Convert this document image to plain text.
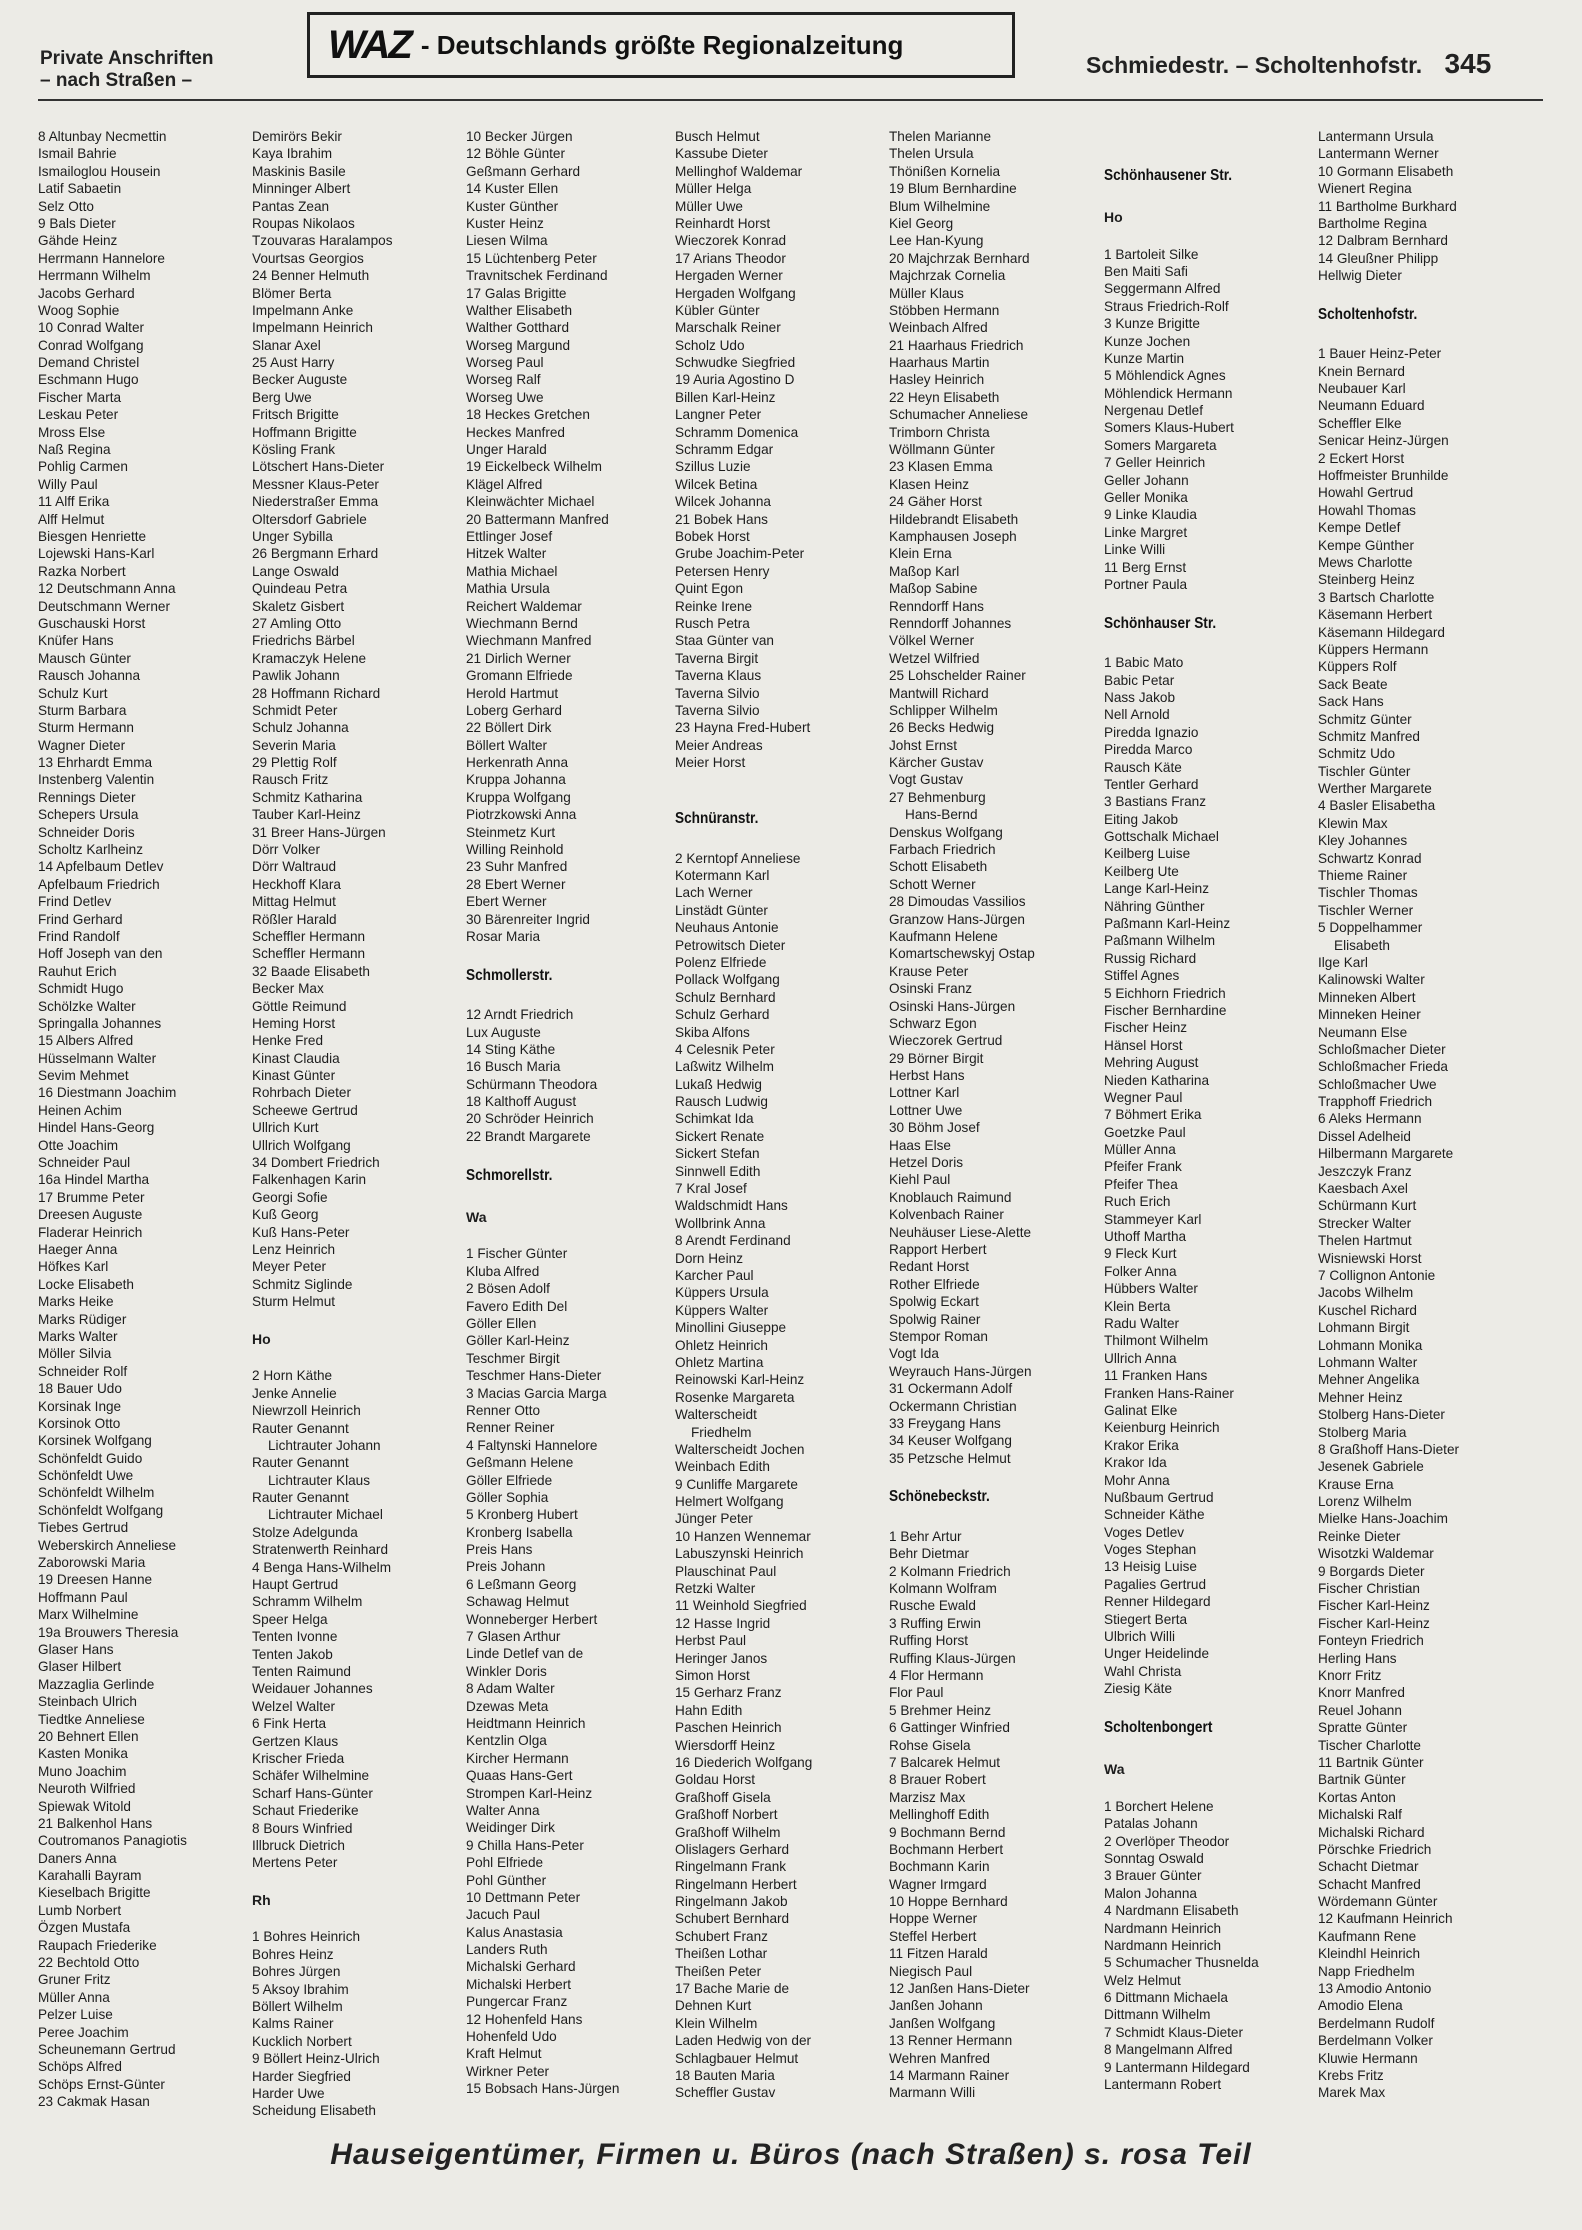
Private Anschriften
– nach Straßen –
WAZ - Deutschlands größte Regionalzeitung
Schmiedestr. – Scholtenhofstr. 345
8 Altunbay Necmettin
Ismail Bahrie
Ismailoglou Housein
Latif Sabaetin
Selz Otto
9 Bals Dieter
Gähde Heinz
Herrmann Hannelore
Herrmann Wilhelm
Jacobs Gerhard
Woog Sophie
10 Conrad Walter
Conrad Wolfgang
Demand Christel
Eschmann Hugo
Fischer Marta
Leskau Peter
Mross Else
Naß Regina
Pohlig Carmen
Willy Paul
11 Alff Erika
Alff Helmut
Biesgen Henriette
Lojewski Hans-Karl
Razka Norbert
12 Deutschmann Anna
Deutschmann Werner
Guschauski Horst
Knüfer Hans
Mausch Günter
Rausch Johanna
Schulz Kurt
Sturm Barbara
Sturm Hermann
Wagner Dieter
13 Ehrhardt Emma
Instenberg Valentin
Rennings Dieter
Schepers Ursula
Schneider Doris
Scholtz Karlheinz
14 Apfelbaum Detlev
Apfelbaum Friedrich
Frind Detlev
Frind Gerhard
Frind Randolf
Hoff Joseph van den
Rauhut Erich
Schmidt Hugo
Schölzke Walter
Springalla Johannes
15 Albers Alfred
Hüsselmann Walter
Sevim Mehmet
16 Diestmann Joachim
Heinen Achim
Hindel Hans-Georg
Otte Joachim
Schneider Paul
16a Hindel Martha
17 Brumme Peter
Dreesen Auguste
Fladerar Heinrich
Haeger Anna
Höfkes Karl
Locke Elisabeth
Marks Heike
Marks Rüdiger
Marks Walter
Möller Silvia
Schneider Rolf
18 Bauer Udo
Korsinak Inge
Korsinok Otto
Korsinek Wolfgang
Schönfeldt Guido
Schönfeldt Uwe
Schönfeldt Wilhelm
Schönfeldt Wolfgang
Tiebes Gertrud
Weberskirch Anneliese
Zaborowski Maria
19 Dreesen Hanne
Hoffmann Paul
Marx Wilhelmine
19a Brouwers Theresia
Glaser Hans
Glaser Hilbert
Mazzaglia Gerlinde
Steinbach Ulrich
Tiedtke Anneliese
20 Behnert Ellen
Kasten Monika
Muno Joachim
Neuroth Wilfried
Spiewak Witold
21 Balkenhol Hans
Coutromanos Panagiotis
Daners Anna
Karahalli Bayram
Kieselbach Brigitte
Lumb Norbert
Özgen Mustafa
Raupach Friederike
22 Bechtold Otto
Gruner Fritz
Müller Anna
Pelzer Luise
Peree Joachim
Scheunemann Gertrud
Schöps Alfred
Schöps Ernst-Günter
23 Cakmak Hasan
Demirörs Bekir
Kaya Ibrahim
Maskinis Basile
Minninger Albert
Pantas Zean
Roupas Nikolaos
Tzouvaras Haralampos
Vourtsas Georgios
24 Benner Helmuth
Blömer Berta
Impelmann Anke
Impelmann Heinrich
Slanar Axel
25 Aust Harry
Becker Auguste
Berg Uwe
Fritsch Brigitte
Hoffmann Brigitte
Kösling Frank
Lötschert Hans-Dieter
Messner Klaus-Peter
Niederstraßer Emma
Oltersdorf Gabriele
Unger Sybilla
26 Bergmann Erhard
Lange Oswald
Quindeau Petra
Skaletz Gisbert
27 Amling Otto
Friedrichs Bärbel
Kramaczyk Helene
Pawlik Johann
28 Hoffmann Richard
Schmidt Peter
Schulz Johanna
Severin Maria
29 Plettig Rolf
Rausch Fritz
Schmitz Katharina
Tauber Karl-Heinz
31 Breer Hans-Jürgen
Dörr Volker
Dörr Waltraud
Heckhoff Klara
Mittag Helmut
Rößler Harald
Scheffler Hermann
Scheffler Hermann
32 Baade Elisabeth
Becker Max
Göttle Reimund
Heming Horst
Henke Fred
Kinast Claudia
Kinast Günter
Rohrbach Dieter
Scheewe Gertrud
Ullrich Kurt
Ullrich Wolfgang
34 Dombert Friedrich
Falkenhagen Karin
Georgi Sofie
Kuß Georg
Kuß Hans-Peter
Lenz Heinrich
Meyer Peter
Schmitz Siglinde
Sturm Helmut
Ho
2 Horn Käthe
Jenke Annelie
Niewrzoll Heinrich
Rauter Genannt
Lichtrauter Johann
Rauter Genannt
Lichtrauter Klaus
Rauter Genannt
Lichtrauter Michael
Stolze Adelgunda
Stratenwerth Reinhard
4 Benga Hans-Wilhelm
Haupt Gertrud
Schramm Wilhelm
Speer Helga
Tenten Ivonne
Tenten Jakob
Tenten Raimund
Weidauer Johannes
Welzel Walter
6 Fink Herta
Gertzen Klaus
Krischer Frieda
Schäfer Wilhelmine
Scharf Hans-Günter
Schaut Friederike
8 Bours Winfried
Illbruck Dietrich
Mertens Peter
Rh
1 Bohres Heinrich
Bohres Heinz
Bohres Jürgen
5 Aksoy Ibrahim
Böllert Wilhelm
Kalms Rainer
Kucklich Norbert
9 Böllert Heinz-Ulrich
Harder Siegfried
Harder Uwe
Scheidung Elisabeth
10 Becker Jürgen
12 Böhle Günter
Geßmann Gerhard
14 Kuster Ellen
Kuster Günther
Kuster Heinz
Liesen Wilma
15 Lüchtenberg Peter
Travnitschek Ferdinand
17 Galas Brigitte
Walther Elisabeth
Walther Gotthard
Worseg Margund
Worseg Paul
Worseg Ralf
Worseg Uwe
18 Heckes Gretchen
Heckes Manfred
Unger Harald
19 Eickelbeck Wilhelm
Klägel Alfred
Kleinwächter Michael
20 Battermann Manfred
Ettlinger Josef
Hitzek Walter
Mathia Michael
Mathia Ursula
Reichert Waldemar
Wiechmann Bernd
Wiechmann Manfred
21 Dirlich Werner
Gromann Elfriede
Herold Hartmut
Loberg Gerhard
22 Böllert Dirk
Böllert Walter
Herkenrath Anna
Kruppa Johanna
Kruppa Wolfgang
Piotrzkowski Anna
Steinmetz Kurt
Willing Reinhold
23 Suhr Manfred
28 Ebert Werner
Ebert Werner
30 Bärenreiter Ingrid
Rosar Maria
Schmollerstr.
12 Arndt Friedrich
Lux Auguste
14 Sting Käthe
16 Busch Maria
Schürmann Theodora
18 Kalthoff August
20 Schröder Heinrich
22 Brandt Margarete
Schmorellstr.
Wa
1 Fischer Günter
Kluba Alfred
2 Bösen Adolf
Favero Edith Del
Göller Ellen
Göller Karl-Heinz
Teschmer Birgit
Teschmer Hans-Dieter
3 Macias Garcia Marga
Renner Otto
Renner Reiner
4 Faltynski Hannelore
Geßmann Helene
Göller Elfriede
Göller Sophia
5 Kronberg Hubert
Kronberg Isabella
Preis Hans
Preis Johann
6 Leßmann Georg
Schawag Helmut
Wonneberger Herbert
7 Glasen Arthur
Linde Detlef van de
Winkler Doris
8 Adam Walter
Dzewas Meta
Heidtmann Heinrich
Kentzlin Olga
Kircher Hermann
Quaas Hans-Gert
Strompen Karl-Heinz
Walter Anna
Weidinger Dirk
9 Chilla Hans-Peter
Pohl Elfriede
Pohl Günther
10 Dettmann Peter
Jacuch Paul
Kalus Anastasia
Landers Ruth
Michalski Gerhard
Michalski Herbert
Pungercar Franz
12 Hohenfeld Hans
Hohenfeld Udo
Kraft Helmut
Wirkner Peter
15 Bobsach Hans-Jürgen
Busch Helmut
Kassube Dieter
Mellinghof Waldemar
Müller Helga
Müller Uwe
Reinhardt Horst
Wieczorek Konrad
17 Arians Theodor
Hergaden Werner
Hergaden Wolfgang
Kübler Günter
Marschalk Reiner
Scholz Udo
Schwudke Siegfried
19 Auria Agostino D
Billen Karl-Heinz
Langner Peter
Schramm Domenica
Schramm Edgar
Szillus Luzie
Wilcek Betina
Wilcek Johanna
21 Bobek Hans
Bobek Horst
Grube Joachim-Peter
Petersen Henry
Quint Egon
Reinke Irene
Rusch Petra
Staa Günter van
Taverna Birgit
Taverna Klaus
Taverna Silvio
Taverna Silvio
23 Hayna Fred-Hubert
Meier Andreas
Meier Horst
Schnüranstr.
2 Kerntopf Anneliese
Kotermann Karl
Lach Werner
Linstädt Günter
Neuhaus Antonie
Petrowitsch Dieter
Polenz Elfriede
Pollack Wolfgang
Schulz Bernhard
Schulz Gerhard
Skiba Alfons
4 Celesnik Peter
Laßwitz Wilhelm
Lukaß Hedwig
Rausch Ludwig
Schimkat Ida
Sickert Renate
Sickert Stefan
Sinnwell Edith
7 Kral Josef
Waldschmidt Hans
Wollbrink Anna
8 Arendt Ferdinand
Dorn Heinz
Karcher Paul
Küppers Ursula
Küppers Walter
Minollini Giuseppe
Ohletz Heinrich
Ohletz Martina
Reinowski Karl-Heinz
Rosenke Margareta
Walterscheidt
Friedhelm
Walterscheidt Jochen
Weinbach Edith
9 Cunliffe Margarete
Helmert Wolfgang
Jünger Peter
10 Hanzen Wennemar
Labuszynski Heinrich
Plauschinat Paul
Retzki Walter
11 Weinhold Siegfried
12 Hasse Ingrid
Herbst Paul
Heringer Janos
Simon Horst
15 Gerharz Franz
Hahn Edith
Paschen Heinrich
Wiersdorff Heinz
16 Diederich Wolfgang
Goldau Horst
Graßhoff Gisela
Graßhoff Norbert
Graßhoff Wilhelm
Olislagers Gerhard
Ringelmann Frank
Ringelmann Herbert
Ringelmann Jakob
Schubert Bernhard
Schubert Franz
Theißen Lothar
Theißen Peter
17 Bache Marie de
Dehnen Kurt
Klein Wilhelm
Laden Hedwig von der
Schlagbauer Helmut
18 Bauten Maria
Scheffler Gustav
Thelen Marianne
Thelen Ursula
Thönißen Kornelia
19 Blum Bernhardine
Blum Wilhelmine
Kiel Georg
Lee Han-Kyung
20 Majchrzak Bernhard
Majchrzak Cornelia
Müller Klaus
Stöbben Hermann
Weinbach Alfred
21 Haarhaus Friedrich
Haarhaus Martin
Hasley Heinrich
22 Heyn Elisabeth
Schumacher Anneliese
Trimborn Christa
Wöllmann Günter
23 Klasen Emma
Klasen Heinz
24 Gäher Horst
Hildebrandt Elisabeth
Kamphausen Joseph
Klein Erna
Maßop Karl
Maßop Sabine
Renndorff Hans
Renndorff Johannes
Völkel Werner
Wetzel Wilfried
25 Lohschelder Rainer
Mantwill Richard
Schlipper Wilhelm
26 Becks Hedwig
Johst Ernst
Kärcher Gustav
Vogt Gustav
27 Behmenburg
Hans-Bernd
Denskus Wolfgang
Farbach Friedrich
Schott Elisabeth
Schott Werner
28 Dimoudas Vassilios
Granzow Hans-Jürgen
Kaufmann Helene
Komartschewskyj Ostap
Krause Peter
Osinski Franz
Osinski Hans-Jürgen
Schwarz Egon
Wieczorek Gertrud
29 Börner Birgit
Herbst Hans
Lottner Karl
Lottner Uwe
30 Böhm Josef
Haas Else
Hetzel Doris
Kiehl Paul
Knoblauch Raimund
Kolvenbach Rainer
Neuhäuser Liese-Alette
Rapport Herbert
Redant Horst
Rother Elfriede
Spolwig Eckart
Spolwig Rainer
Stempor Roman
Vogt Ida
Weyrauch Hans-Jürgen
31 Ockermann Adolf
Ockermann Christian
33 Freygang Hans
34 Keuser Wolfgang
35 Petzsche Helmut
Schönebeckstr.
1 Behr Artur
Behr Dietmar
2 Kolmann Friedrich
Kolmann Wolfram
Rusche Ewald
3 Ruffing Erwin
Ruffing Horst
Ruffing Klaus-Jürgen
4 Flor Hermann
Flor Paul
5 Brehmer Heinz
6 Gattinger Winfried
Rohse Gisela
7 Balcarek Helmut
8 Brauer Robert
Marzisz Max
Mellinghoff Edith
9 Bochmann Bernd
Bochmann Herbert
Bochmann Karin
Wagner Irmgard
10 Hoppe Bernhard
Hoppe Werner
Steffel Herbert
11 Fitzen Harald
Niegisch Paul
12 Janßen Hans-Dieter
Janßen Johann
Janßen Wolfgang
13 Renner Hermann
Wehren Manfred
14 Marmann Rainer
Marmann Willi
Schönhausener Str.
Ho
1 Bartoleit Silke
Ben Maiti Safi
Seggermann Alfred
Straus Friedrich-Rolf
3 Kunze Brigitte
Kunze Jochen
Kunze Martin
5 Möhlendick Agnes
Möhlendick Hermann
Nergenau Detlef
Somers Klaus-Hubert
Somers Margareta
7 Geller Heinrich
Geller Johann
Geller Monika
9 Linke Klaudia
Linke Margret
Linke Willi
11 Berg Ernst
Portner Paula
Schönhauser Str.
1 Babic Mato
Babic Petar
Nass Jakob
Nell Arnold
Piredda Ignazio
Piredda Marco
Rausch Käte
Tentler Gerhard
3 Bastians Franz
Eiting Jakob
Gottschalk Michael
Keilberg Luise
Keilberg Ute
Lange Karl-Heinz
Nähring Günther
Paßmann Karl-Heinz
Paßmann Wilhelm
Russig Richard
Stiffel Agnes
5 Eichhorn Friedrich
Fischer Bernhardine
Fischer Heinz
Hänsel Horst
Mehring August
Nieden Katharina
Wegner Paul
7 Böhmert Erika
Goetzke Paul
Müller Anna
Pfeifer Frank
Pfeifer Thea
Ruch Erich
Stammeyer Karl
Uthoff Martha
9 Fleck Kurt
Folker Anna
Hübbers Walter
Klein Berta
Radu Walter
Thilmont Wilhelm
Ullrich Anna
11 Franken Hans
Franken Hans-Rainer
Galinat Elke
Keienburg Heinrich
Krakor Erika
Krakor Ida
Mohr Anna
Nußbaum Gertrud
Schneider Käthe
Voges Detlev
Voges Stephan
13 Heisig Luise
Pagalies Gertrud
Renner Hildegard
Stiegert Berta
Ulbrich Willi
Unger Heidelinde
Wahl Christa
Ziesig Käte
Scholtenbongert
Wa
1 Borchert Helene
Patalas Johann
2 Overlöper Theodor
Sonntag Oswald
3 Brauer Günter
Malon Johanna
4 Nardmann Elisabeth
Nardmann Heinrich
Nardmann Heinrich
5 Schumacher Thusnelda
Welz Helmut
6 Dittmann Michaela
Dittmann Wilhelm
7 Schmidt Klaus-Dieter
8 Mangelmann Alfred
9 Lantermann Hildegard
Lantermann Robert
Lantermann Ursula
Lantermann Werner
10 Gormann Elisabeth
Wienert Regina
11 Bartholme Burkhard
Bartholme Regina
12 Dalbram Bernhard
14 Gleußner Philipp
Hellwig Dieter
Scholtenhofstr.
1 Bauer Heinz-Peter
Knein Bernard
Neubauer Karl
Neumann Eduard
Scheffler Elke
Senicar Heinz-Jürgen
2 Eckert Horst
Hoffmeister Brunhilde
Howahl Gertrud
Howahl Thomas
Kempe Detlef
Kempe Günther
Mews Charlotte
Steinberg Heinz
3 Bartsch Charlotte
Käsemann Herbert
Käsemann Hildegard
Küppers Hermann
Küppers Rolf
Sack Beate
Sack Hans
Schmitz Günter
Schmitz Manfred
Schmitz Udo
Tischler Günter
Werther Margarete
4 Basler Elisabetha
Klewin Max
Kley Johannes
Schwartz Konrad
Thieme Rainer
Tischler Thomas
Tischler Werner
5 Doppelhammer
Elisabeth
Ilge Karl
Kalinowski Walter
Minneken Albert
Minneken Heiner
Neumann Else
Schloßmacher Dieter
Schloßmacher Frieda
Schloßmacher Uwe
Trapphoff Friedrich
6 Aleks Hermann
Dissel Adelheid
Hilbermann Margarete
Jeszczyk Franz
Kaesbach Axel
Schürmann Kurt
Strecker Walter
Thelen Hartmut
Wisniewski Horst
7 Collignon Antonie
Jacobs Wilhelm
Kuschel Richard
Lohmann Birgit
Lohmann Monika
Lohmann Walter
Mehner Angelika
Mehner Heinz
Stolberg Hans-Dieter
Stolberg Maria
8 Graßhoff Hans-Dieter
Jesenek Gabriele
Krause Erna
Lorenz Wilhelm
Mielke Hans-Joachim
Reinke Dieter
Wisotzki Waldemar
9 Borgards Dieter
Fischer Christian
Fischer Karl-Heinz
Fischer Karl-Heinz
Fonteyn Friedrich
Herling Hans
Knorr Fritz
Knorr Manfred
Reuel Johann
Spratte Günter
Tischer Charlotte
11 Bartnik Günter
Bartnik Günter
Kortas Anton
Michalski Ralf
Michalski Richard
Pörschke Friedrich
Schacht Dietmar
Schacht Manfred
Wördemann Günter
12 Kaufmann Heinrich
Kaufmann Rene
Kleindhl Heinrich
Napp Friedhelm
13 Amodio Antonio
Amodio Elena
Berdelmann Rudolf
Berdelmann Volker
Kluwie Hermann
Krebs Fritz
Marek Max
Hauseigentümer, Firmen u. Büros (nach Straßen) s. rosa Teil
